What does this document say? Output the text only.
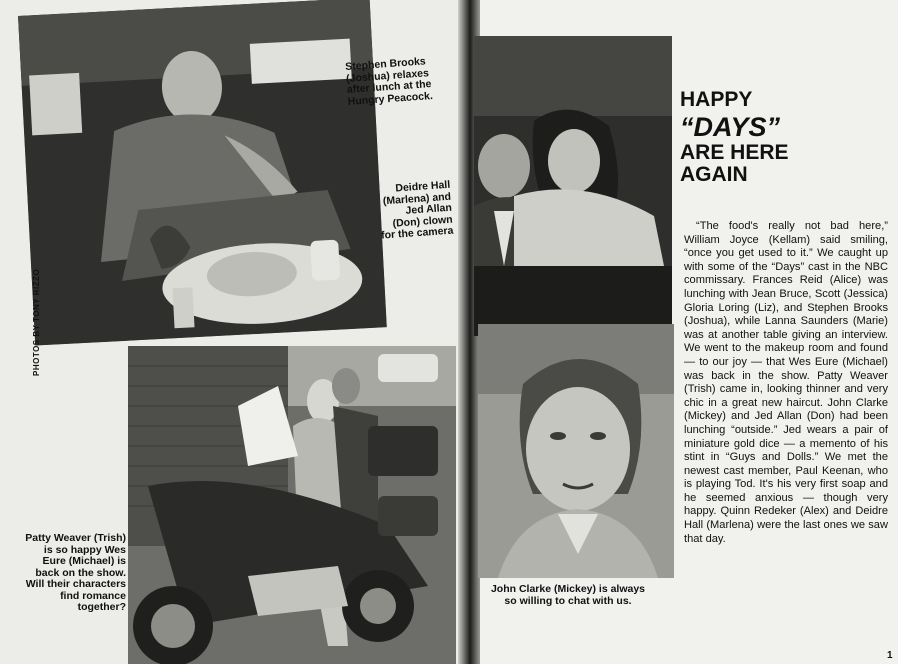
Stephen Brooks (Joshua) relaxes after lunch at the Hungry Peacock.
Deidre Hall (Marlena) and Jed Allan (Don) clown for the camera
PHOTOS BY TONY RIZZO
Patty Weaver (Trish) is so happy Wes Eure (Michael) is back on the show. Will their characters find romance together?
John Clarke (Mickey) is always so willing to chat with us.
HAPPY
“DAYS”
ARE HERE
AGAIN
“The food's really not bad here,” William Joyce (Kellam) said smiling, “once you get used to it.” We caught up with some of the “Days” cast in the NBC commissary. Frances Reid (Alice) was lunching with Jean Bruce, Scott (Jessica) Gloria Loring (Liz), and Stephen Brooks (Joshua), while Lanna Saunders (Marie) was at another table giving an interview. We went to the makeup room and found — to our joy — that Wes Eure (Michael) was back in the show. Patty Weaver (Trish) came in, looking thinner and very chic in a great new haircut. John Clarke (Mickey) and Jed Allan (Don) had been lunching “outside.” Jed wears a pair of miniature gold dice — a memento of his stint in “Guys and Dolls.” We met the newest cast member, Paul Keenan, who is playing Tod. It's his very first soap and he seemed anxious — though very happy. Quinn Redeker (Alex) and Deidre Hall (Marlena) were the last ones we saw that day.
1
